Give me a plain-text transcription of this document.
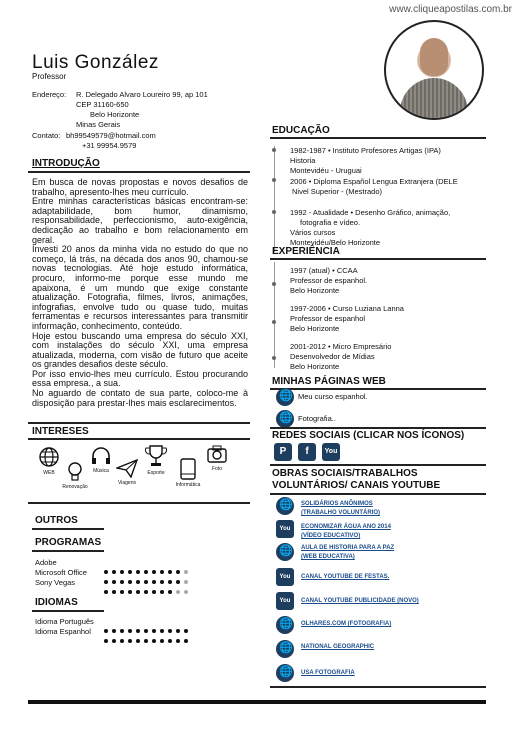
www.cliqueapostilas.com.br
Luis González
Professor
Endereço: R. Delegado Alvaro Loureiro 99, ap 101
CEP 31160-650
Belo Horizonte
Minas Gerais
Contato: bh99549579@hotmail.com
+31 99954.9579
INTRODUÇÃO

Em busca de novas propostas e novos desafios de trabalho, apresento-lhes meu currículo.

Entre minhas características básicas encontram-se: adaptabilidade, bom humor, dinamismo, responsabilidade, perfeccionismo, auto-exigência, dedicação ao trabalho e bom relacionamento em geral.

Investi 20 anos da minha vida no estudo do que no começo, lá trás, na década dos anos 90, chamou-se novas tecnologias. Até hoje estudo informática, procuro, informo-me porque esse mundo me apaixona, é um mundo que exige constante atualização. Fotografia, filmes, livros, animações, infografias, envolve tudo ou quase tudo, muitas ferramentas e recursos interessantes para transmitir informação, conhecimento, conteúdo.

Hoje estou buscando uma empresa do século XXI, com instalações do século XXI, uma empresa atualizada, moderna, com visão de futuro que aceite os grandes desafios deste século.

Por isso envio-lhes meu currículo. Estou procurando essa empresa., a sua.

No aguardo de contato de sua parte, coloco-me à disposição para prestar-lhes mais esclarecimentos.

INTERESES
WEB
Renovação
Música
Viagens
Esporte
Informática
Foto
OUTROS
PROGRAMAS
Adobe
Microsoft Office
Sony Vegas
IDIOMAS
Idioma Português
Idioma Espanhol
EDUCAÇÃO
1982-1987 • Instituto Profesores Artigas (IPA)
Historia
Montevidéu - Uruguai
2006 • Diploma Español Lengua Extranjera (DELE
Nivel Superior - (Mestrado)
1992 - Atualidade • Desenho Gráfico, animação,
fotografia e vídeo.
Vários cursos
Montevidéu/Belo Horizonte
EXPERIÊNCIA
1997 (atual) • CCAA
Professor de espanhol.
Belo Horizonte
1997-2006 • Curso Luziana Lanna
Professor de espanhol
Belo Horizonte
2001-2012 • Micro Empresário
Desenvolvedor de Mídias
Belo Horizonte
MINHAS PÁGINAS WEB
🌐
Meu curso espanhol.
🌐
Fotografia..
REDES SOCIAIS (CLICAR NOS ÍCONOS)
P	f	You
OBRAS SOCIAIS/TRABALHOS VOLUNTÁRIOS/ CANAIS YOUTUBE
🌐
SOLIDÁRIOS ANÔNIMOS
(TRABALHO VOLUNTÁRIO)
You	ECONOMIZAR ÁGUA ANO 2014
(VÍDEO EDUCATIVO)
🌐
AULA DE HISTORIA PARA A PAZ
(WEB EDUCATIVA)
You	CANAL YOUTUBE DE FESTAS.
You	CANAL YOUTUBE PUBLICIDADE (NOVO)
🌐
OLHARES.COM (FOTOGRAFIA)
🌐
NATIONAL GEOGRAPHIC
🌐
USA FOTOGRAFIA
